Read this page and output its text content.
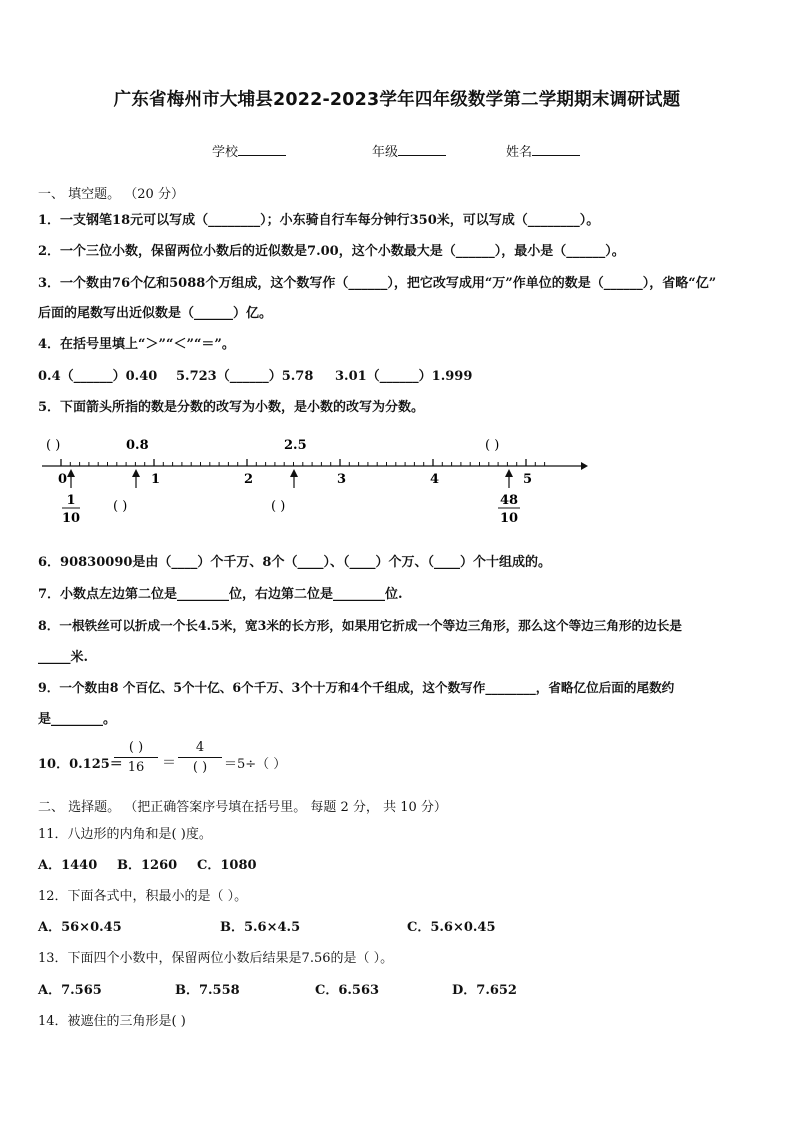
广东省梅州市大埔县2022-2023学年四年级数学第二学期期末调研试题
学校	年级	姓名
一、 填空题。 （20 分）
1．一支钢笔18元可以写成（________）；小东骑自行车每分钟行350米，可以写成（________）。
2．一个三位小数，保留两位小数后的近似数是7.00，这个小数最大是（______），最小是（______）。
3．一个数由76个亿和5088个万组成，这个数写作（______），把它改写成用“万”作单位的数是（______），省略“亿”
后面的尾数写出近似数是（______）亿。
4．在括号里填上“＞”“＜”“＝”。
0.4（______）0.40 5.723（______）5.78 3.01（______）1.999
5．下面箭头所指的数是分数的改写为小数，是小数的改写为分数。
( )	0.8	2.5	( )
0	1	2	3	4	5
1
10
( )	( )	48
10
6．90830090是由（____）个千万、8个（____）、（____）个万、（____）个十组成的。
7．小数点左边第二位是________位，右边第二位是________位.
8．一根铁丝可以折成一个长4.5米，宽3米的长方形，如果用它折成一个等边三角形，那么这个等边三角形的边长是
_____米.
9．一个数由8 个百亿、5个十亿、6个千万、3个十万和4个千组成，这个数写作________，省略亿位后面的尾数约
是________。
10．0.125＝
( )
16	＝
4
( )	＝5÷（ ）
二、 选择题。 （把正确答案序号填在括号里。 每题 2 分， 共 10 分）
11．八边形的内角和是( )度。
A．1440 B．1260 C．1080
12．下面各式中，积最小的是（ ）。
A．56×0.45	B．5.6×4.5	C．5.6×0.45
13．下面四个小数中，保留两位小数后结果是7.56的是（ ）。
A．7.565	B．7.558	C．6.563	D．7.652
14．被遮住的三角形是( )
